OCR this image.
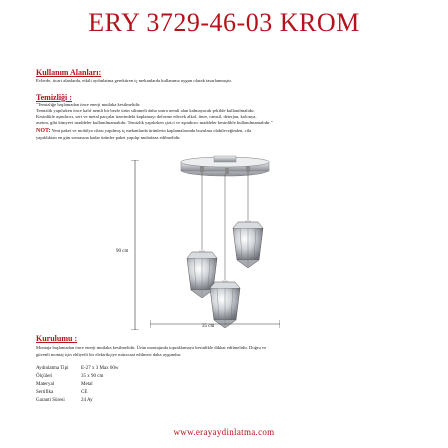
ERY 3729-46-03 KROM
Kullanım Alanları:
Evlerde, ticari alanlarda, etkili aydınlatma gerektiren iç mekanlarda kullanıma uygun olarak tasarlanmıştır.
Temizliği :
"Temizliğe başlamadan önce enerji mutlaka kesilmelidir.
Temizlik yapılırken önce kalıf nemli bir bezle ürün silinmeli daha sonra nemli alan kalmayacak şekilde kullanılmalıdır.
Kesinlikle aşındırıcı, sert ve metal parçalar üzerindeki kaplamayı deforme edecek alkol, tiner, camsil, deterjan, kolonya,
aseton, gibi kimyevi maddeler kullanılmamalıdır. Temizlik yapılırken çizici ve aşındırıcı maddeler kesinlikle kullanılmamalıdır."
NOT: Yeni paket ve mobilya cilası yapılmış iç mekanlarda ürünlerin kaplamalarında bozulma olabileceğinden, cila
yapıldıktan en gün sonrasına kadar ürünler paket yapılıp muhafaza edilmelidir.
90 cm
35 cm
Kurulumu :
Montaja başlamadan önce enerji mutlaka kesilmelidir. Ürün montajında topraklamaya kesinlikle dikkat edilmelidir. Doğru ve
güvenli montaj için ehliyetli bir elektrikçiye müracaat edilmesi daha uygundur.
Aydınlatma Tipi	E-27 x 3 Max 60w
Ölçüleri	35 x 90 cm
Materyal	Metal
Sertifika	CE
Garanti Süresi	24 Ay
www.erayaydinlatma.com
